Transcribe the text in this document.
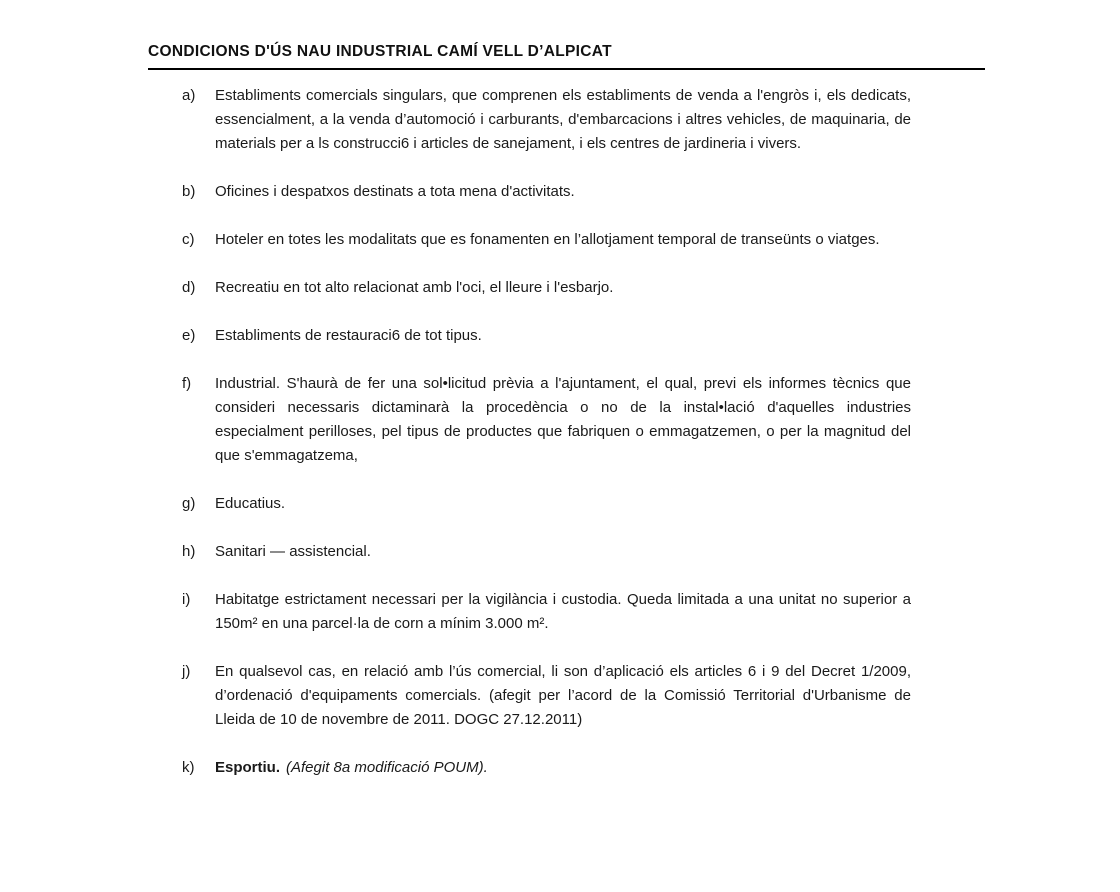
CONDICIONS D'ÚS NAU INDUSTRIAL CAMÍ VELL D’ALPICAT
a)	Establiments comercials singulars, que comprenen els establiments de venda a l'engròs i, els dedicats, essencialment, a la venda d’automoció i carburants, d'embarcacions i altres vehicles, de maquinaria, de materials per a ls construcci6 i articles de sanejament, i els centres de jardineria i vivers.
b)	Oficines i despatxos destinats a tota mena d'activitats.
c)	Hoteler en totes les modalitats que es fonamenten en l’allotjament temporal de transeünts o viatges.
d)	Recreatiu en tot alto relacionat amb l'oci, el lleure i l'esbarjo.
e)	Establiments de restauraci6 de tot tipus.
f)	Industrial. S'haurà de fer una sol•licitud prèvia a l'ajuntament, el qual, previ els informes tècnics que consideri necessaris dictaminarà la procedència o no de la instal•lació d'aquelles industries especialment perilloses, pel tipus de productes que fabriquen o emmagatzemen, o per la magnitud del que s'emmagatzema,
g)	Educatius.
h)	Sanitari — assistencial.
i)	Habitatge estrictament necessari per la vigilància i custodia. Queda limitada a una unitat no superior a 150m² en una parcel·la de corn a mínim 3.000 m².
j)	En qualsevol cas, en relació amb l’ús comercial, li son d’aplicació els articles 6 i 9 del Decret 1/2009, d’ordenació d'equipaments comercials. (afegit per l’acord de la Comissió Territorial d'Urbanisme de Lleida de 10 de novembre de 2011. DOGC 27.12.2011)
k)	Esportiu. (Afegit 8a modificació POUM).
